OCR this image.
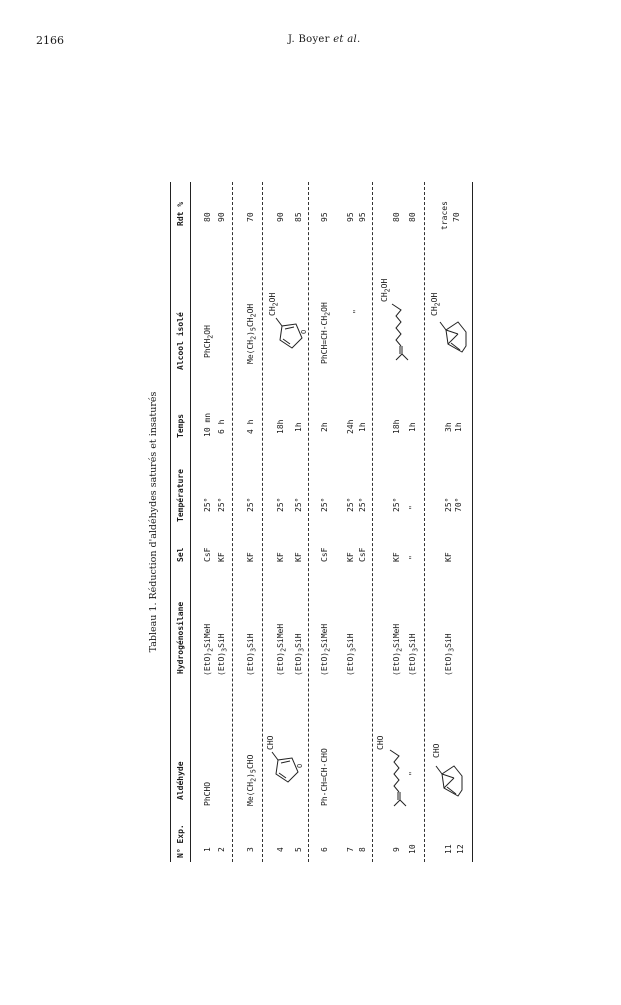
2166	J. Boyer et al.
Tableau 1. Réduction d'aldéhydes saturés et insaturés
N° Exp.
Aldéhyde
Hydrogénosilane
Sel
Température
Temps
Alcool isolé
Rdt %
1
PhCHO
$(EtO)_2SiMeH$
CsF
25°
10 mn
PhCH$_2$OH
80
2
$(EtO)_3SiH$
KF
25°
6 h
90
3
$Me(CH_2)_5CHO$
$(EtO)_3SiH$
KF
25°
4 h
$Me(CH_2)_5CH_2OH$
70
O
CHO
4
$(EtO)_2SiMeH$
KF
25°
18h
O
$CH_2OH$
90
5
$(EtO)_3SiH$
KF
25°
1h
85
6
Ph-CH=CH-CHO
$(EtO)_2SiMeH$
CsF
25°
2h
$PhCH=CH-CH_2OH$
95
7
$(EtO)_3SiH$
KF
25°
24h
95
8
CsF
25°
1h
"
95
CHO
9
$(EtO)_2SiMeH$
KF
25°
18h
$CH_2OH$
80
10
"
$(EtO)_3SiH$
"
"
1h
80
CHO
11
$(EtO)_3SiH$
KF
25°
3h
$CH_2OH$
traces
12
70°
1h
70
